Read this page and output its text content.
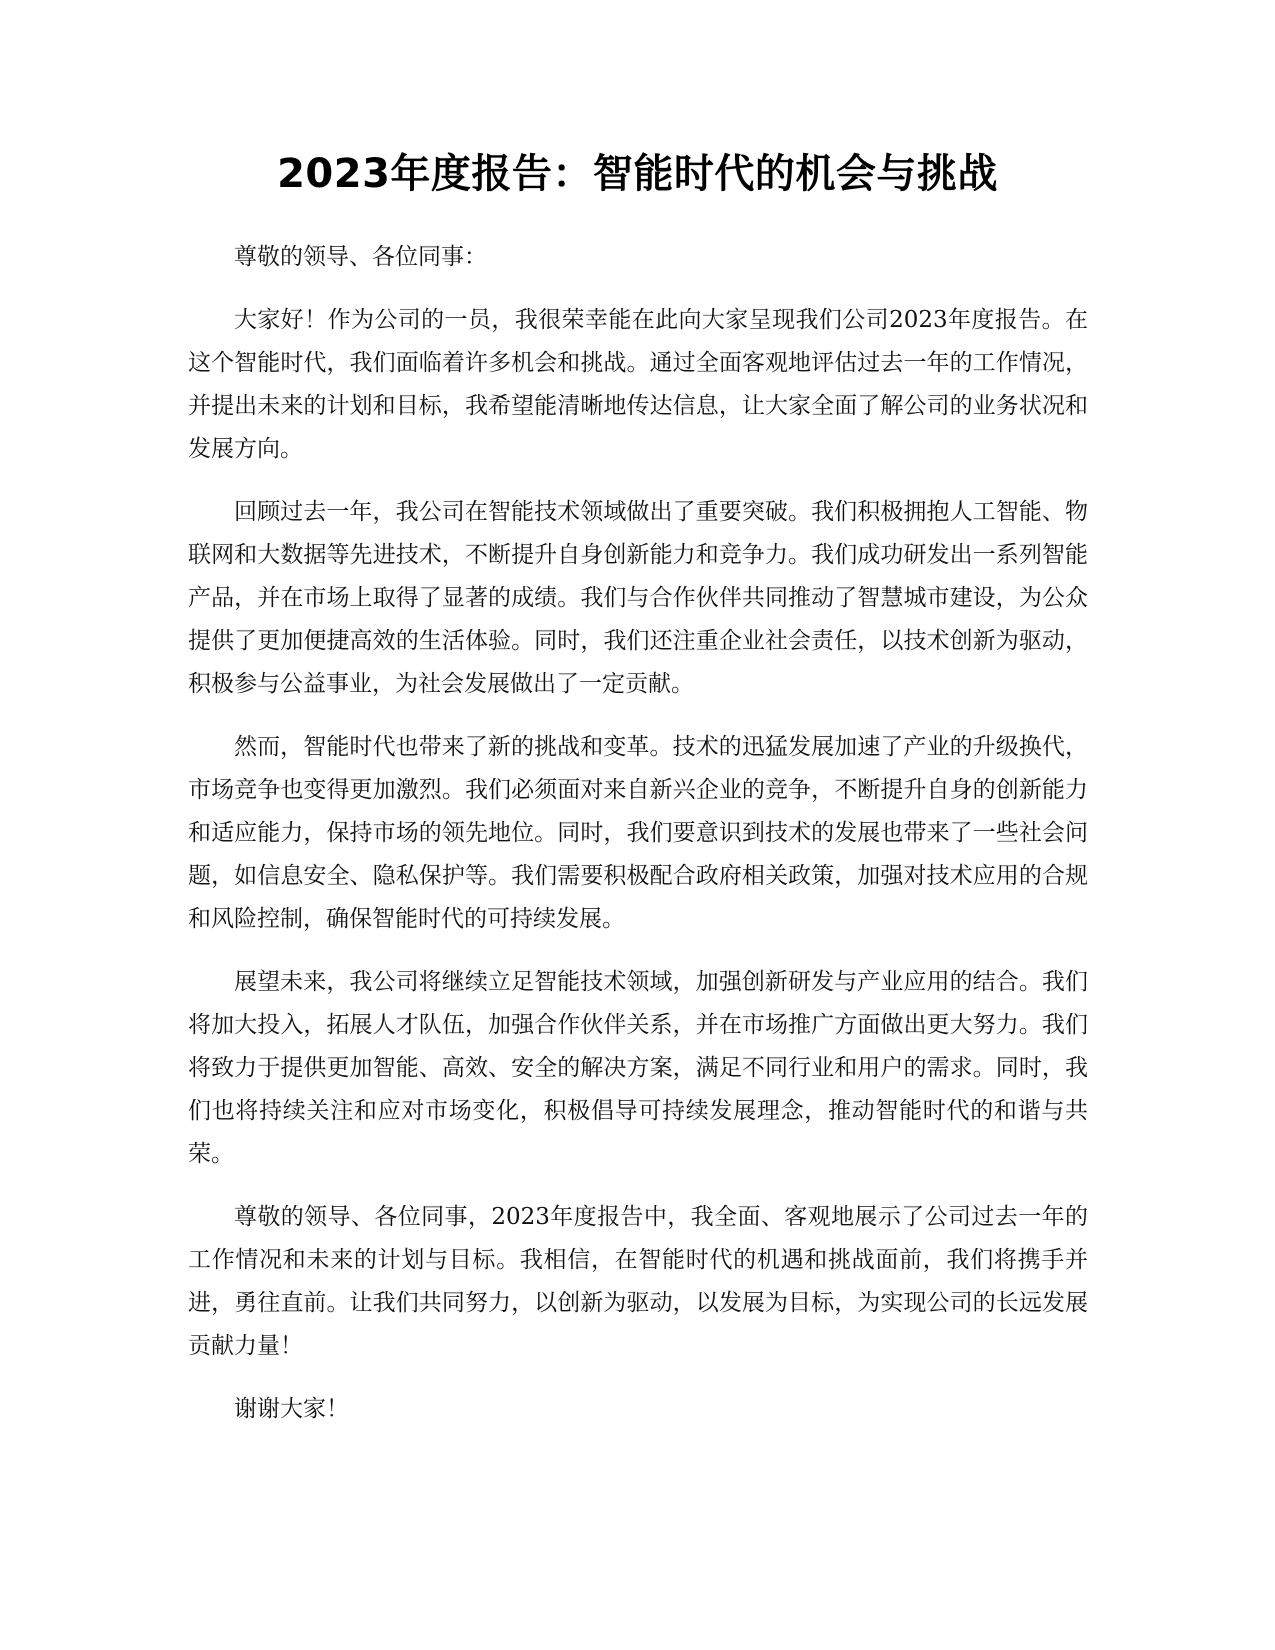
2023年度报告：智能时代的机会与挑战

尊敬的领导、各位同事：

大家好！作为公司的一员，我很荣幸能在此向大家呈现我们公司2023年度报告。在这个智能时代，我们面临着许多机会和挑战。通过全面客观地评估过去一年的工作情况，并提出未来的计划和目标，我希望能清晰地传达信息，让大家全面了解公司的业务状况和发展方向。

回顾过去一年，我公司在智能技术领域做出了重要突破。我们积极拥抱人工智能、物联网和大数据等先进技术，不断提升自身创新能力和竞争力。我们成功研发出一系列智能产品，并在市场上取得了显著的成绩。我们与合作伙伴共同推动了智慧城市建设，为公众提供了更加便捷高效的生活体验。同时，我们还注重企业社会责任，以技术创新为驱动，积极参与公益事业，为社会发展做出了一定贡献。

然而，智能时代也带来了新的挑战和变革。技术的迅猛发展加速了产业的升级换代，市场竞争也变得更加激烈。我们必须面对来自新兴企业的竞争，不断提升自身的创新能力和适应能力，保持市场的领先地位。同时，我们要意识到技术的发展也带来了一些社会问题，如信息安全、隐私保护等。我们需要积极配合政府相关政策，加强对技术应用的合规和风险控制，确保智能时代的可持续发展。

展望未来，我公司将继续立足智能技术领域，加强创新研发与产业应用的结合。我们将加大投入，拓展人才队伍，加强合作伙伴关系，并在市场推广方面做出更大努力。我们将致力于提供更加智能、高效、安全的解决方案，满足不同行业和用户的需求。同时，我们也将持续关注和应对市场变化，积极倡导可持续发展理念，推动智能时代的和谐与共荣。

尊敬的领导、各位同事，2023年度报告中，我全面、客观地展示了公司过去一年的工作情况和未来的计划与目标。我相信，在智能时代的机遇和挑战面前，我们将携手并进，勇往直前。让我们共同努力，以创新为驱动，以发展为目标，为实现公司的长远发展贡献力量！

谢谢大家！
